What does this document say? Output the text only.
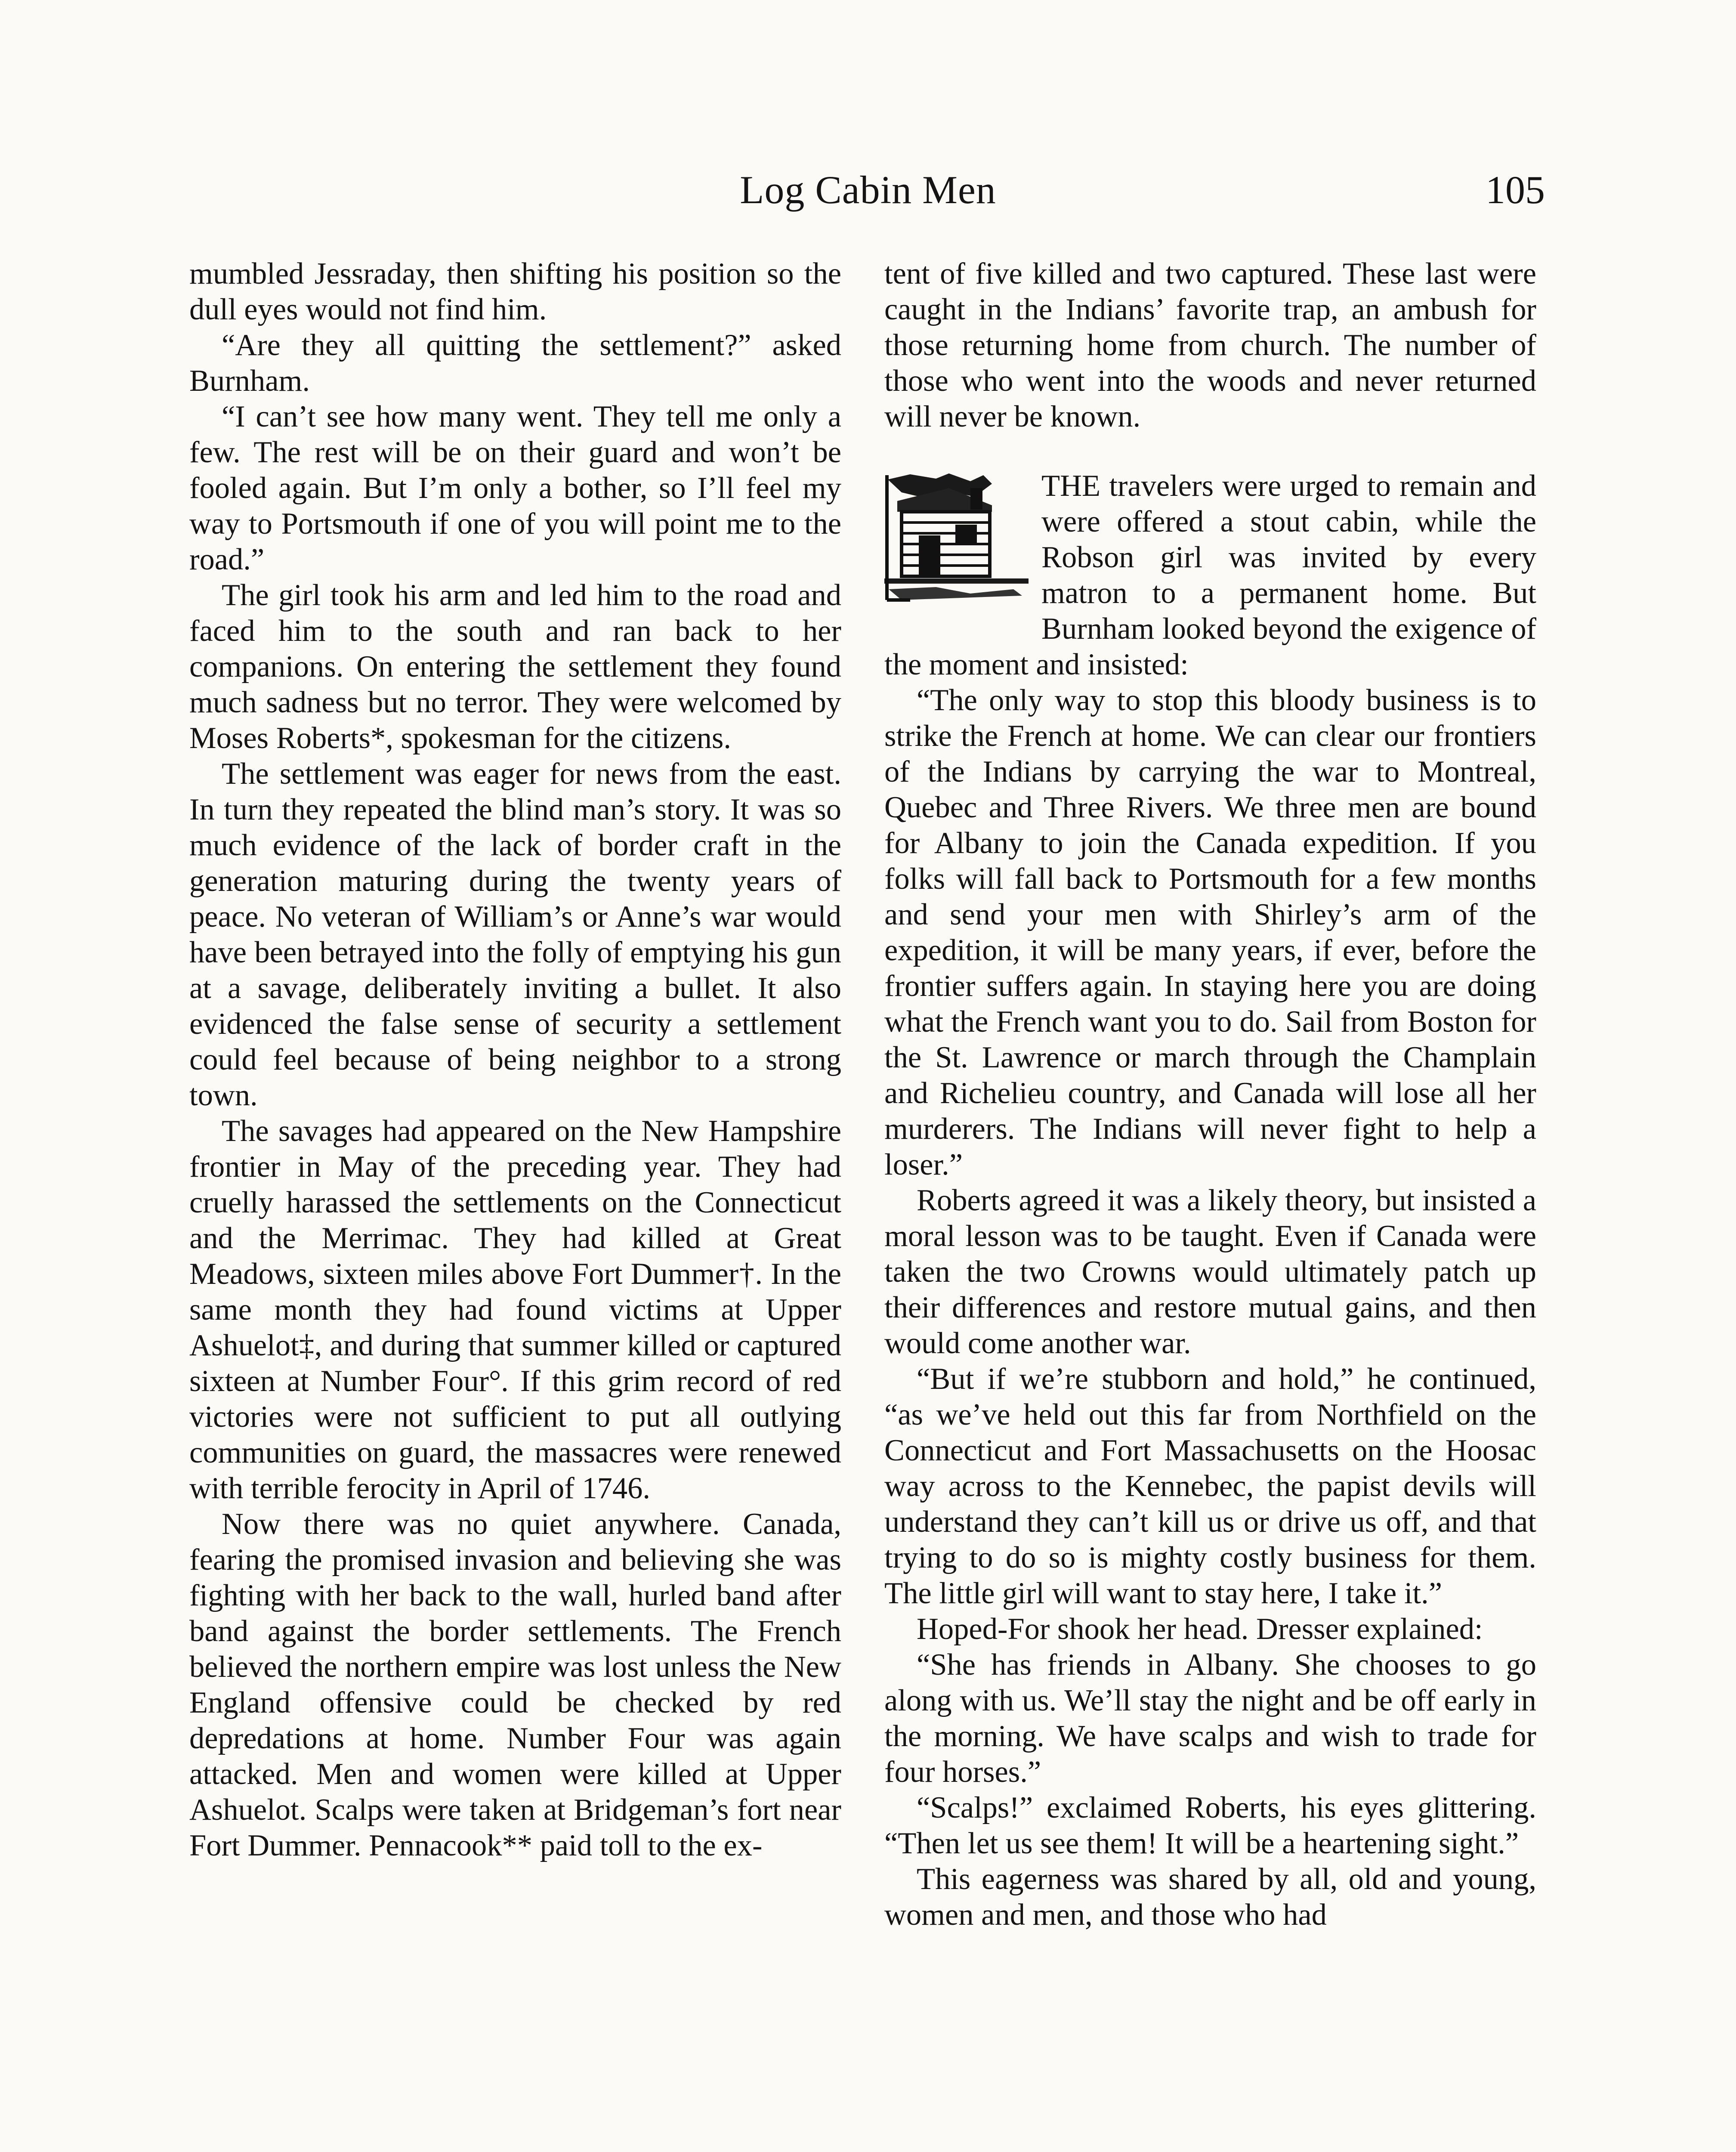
Log Cabin Men	105

mumbled Jessraday, then shifting his position so the dull eyes would not find him.

“Are they all quitting the settlement?” asked Burnham.

“I can’t see how many went. They tell me only a few. The rest will be on their guard and won’t be fooled again. But I’m only a bother, so I’ll feel my way to Portsmouth if one of you will point me to the road.”

The girl took his arm and led him to the road and faced him to the south and ran back to her companions. On entering the settlement they found much sadness but no terror. They were welcomed by Moses Roberts*, spokesman for the citizens.

The settlement was eager for news from the east. In turn they repeated the blind man’s story. It was so much evidence of the lack of border craft in the generation maturing during the twenty years of peace. No veteran of William’s or Anne’s war would have been betrayed into the folly of emptying his gun at a savage, deliberately inviting a bullet. It also evidenced the false sense of security a settlement could feel because of being neighbor to a strong town.

The savages had appeared on the New Hampshire frontier in May of the preceding year. They had cruelly harassed the settlements on the Connecticut and the Merrimac. They had killed at Great Meadows, sixteen miles above Fort Dummer†. In the same month they had found victims at Upper Ashuelot‡, and during that summer killed or captured sixteen at Number Four°. If this grim record of red victories were not sufficient to put all outlying communities on guard, the massacres were renewed with terrible ferocity in April of 1746.

Now there was no quiet anywhere. Canada, fearing the promised invasion and believing she was fighting with her back to the wall, hurled band after band against the border settlements. The French believed the northern empire was lost unless the New England offensive could be checked by red depredations at home. Number Four was again attacked. Men and women were killed at Upper Ashuelot. Scalps were taken at Bridgeman’s fort near Fort Dummer. Pennacook** paid toll to the ex-

tent of five killed and two captured. These last were caught in the Indians’ favorite trap, an ambush for those returning home from church. The number of those who went into the woods and never returned will never be known.

THE travelers were urged to remain and were offered a stout cabin, while the Robson girl was invited by every matron to a permanent home. But Burnham looked beyond the exigence of the moment and insisted:

“The only way to stop this bloody business is to strike the French at home. We can clear our frontiers of the Indians by carrying the war to Montreal, Quebec and Three Rivers. We three men are bound for Albany to join the Canada expedition. If you folks will fall back to Portsmouth for a few months and send your men with Shirley’s arm of the expedition, it will be many years, if ever, before the frontier suffers again. In staying here you are doing what the French want you to do. Sail from Boston for the St. Lawrence or march through the Champlain and Richelieu country, and Canada will lose all her murderers. The Indians will never fight to help a loser.”

Roberts agreed it was a likely theory, but insisted a moral lesson was to be taught. Even if Canada were taken the two Crowns would ultimately patch up their differences and restore mutual gains, and then would come another war.

“But if we’re stubborn and hold,” he continued, “as we’ve held out this far from Northfield on the Connecticut and Fort Massachusetts on the Hoosac way across to the Kennebec, the papist devils will understand they can’t kill us or drive us off, and that trying to do so is mighty costly business for them. The little girl will want to stay here, I take it.”

Hoped-For shook her head. Dresser explained:

“She has friends in Albany. She chooses to go along with us. We’ll stay the night and be off early in the morning. We have scalps and wish to trade for four horses.”

“Scalps!” exclaimed Roberts, his eyes glittering. “Then let us see them! It will be a heartening sight.”

This eagerness was shared by all, old and young, women and men, and those who had
